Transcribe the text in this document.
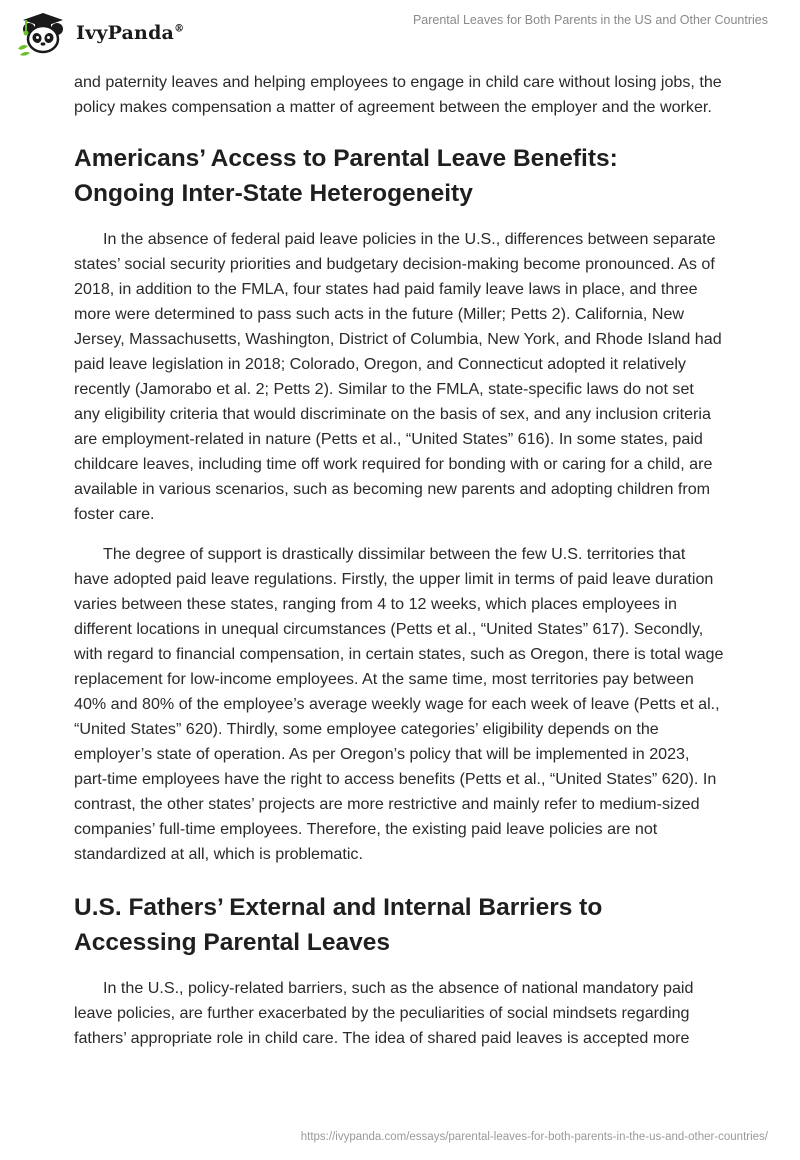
IvyPanda®
Parental Leaves for Both Parents in the US and Other Countries

and paternity leaves and helping employees to engage in child care without losing jobs, the policy makes compensation a matter of agreement between the employer and the worker.

Americans’ Access to Parental Leave Benefits: Ongoing Inter-State Heterogeneity

In the absence of federal paid leave policies in the U.S., differences between separate states’ social security priorities and budgetary decision-making become pronounced. As of 2018, in addition to the FMLA, four states had paid family leave laws in place, and three more were determined to pass such acts in the future (Miller; Petts 2). California, New Jersey, Massachusetts, Washington, District of Columbia, New York, and Rhode Island had paid leave legislation in 2018; Colorado, Oregon, and Connecticut adopted it relatively recently (Jamorabo et al. 2; Petts 2). Similar to the FMLA, state-specific laws do not set any eligibility criteria that would discriminate on the basis of sex, and any inclusion criteria are employment-related in nature (Petts et al., “United States” 616). In some states, paid childcare leaves, including time off work required for bonding with or caring for a child, are available in various scenarios, such as becoming new parents and adopting children from foster care.

The degree of support is drastically dissimilar between the few U.S. territories that have adopted paid leave regulations. Firstly, the upper limit in terms of paid leave duration varies between these states, ranging from 4 to 12 weeks, which places employees in different locations in unequal circumstances (Petts et al., “United States” 617). Secondly, with regard to financial compensation, in certain states, such as Oregon, there is total wage replacement for low-income employees. At the same time, most territories pay between 40% and 80% of the employee’s average weekly wage for each week of leave (Petts et al., “United States” 620). Thirdly, some employee categories’ eligibility depends on the employer’s state of operation. As per Oregon’s policy that will be implemented in 2023, part-time employees have the right to access benefits (Petts et al., “United States” 620). In contrast, the other states’ projects are more restrictive and mainly refer to medium-sized companies’ full-time employees. Therefore, the existing paid leave policies are not standardized at all, which is problematic.

U.S. Fathers’ External and Internal Barriers to Accessing Parental Leaves

In the U.S., policy-related barriers, such as the absence of national mandatory paid leave policies, are further exacerbated by the peculiarities of social mindsets regarding fathers’ appropriate role in child care. The idea of shared paid leaves is accepted more

https://ivypanda.com/essays/parental-leaves-for-both-parents-in-the-us-and-other-countries/
